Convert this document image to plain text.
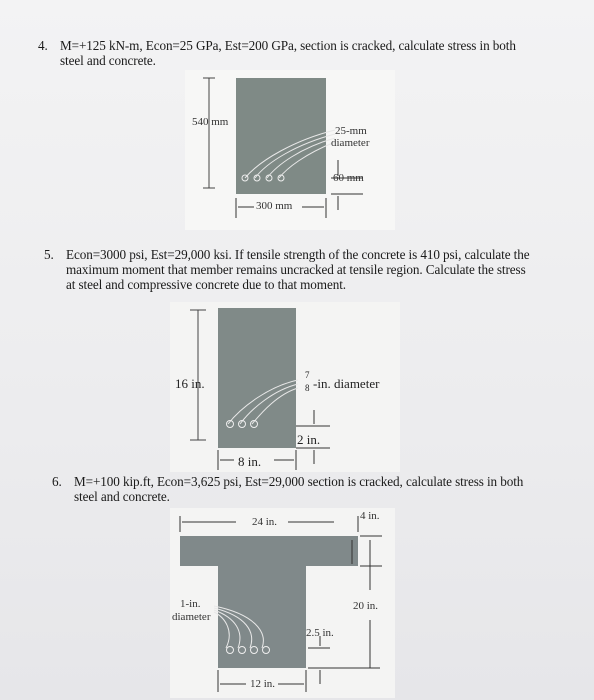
4. M=+125 kN-m, Econ=25 GPa, Est=200 GPa, section is cracked, calculate stress in both
steel and concrete.
540 mm
25-mm
diameter
60 mm
300 mm
5. Econ=3000 psi, Est=29,000 ksi. If tensile strength of the concrete is 410 psi, calculate the
maximum moment that member remains uncracked at tensile region. Calculate the stress
at steel and compressive concrete due to that moment.
16 in.
7
8 -in. diameter
2 in.
8 in.
6. M=+100 kip.ft, Econ=3,625 psi, Est=29,000 section is cracked, calculate stress in both
steel and concrete.
24 in.	4 in.
20 in.
1-in.
diameter
2.5 in.
12 in.
